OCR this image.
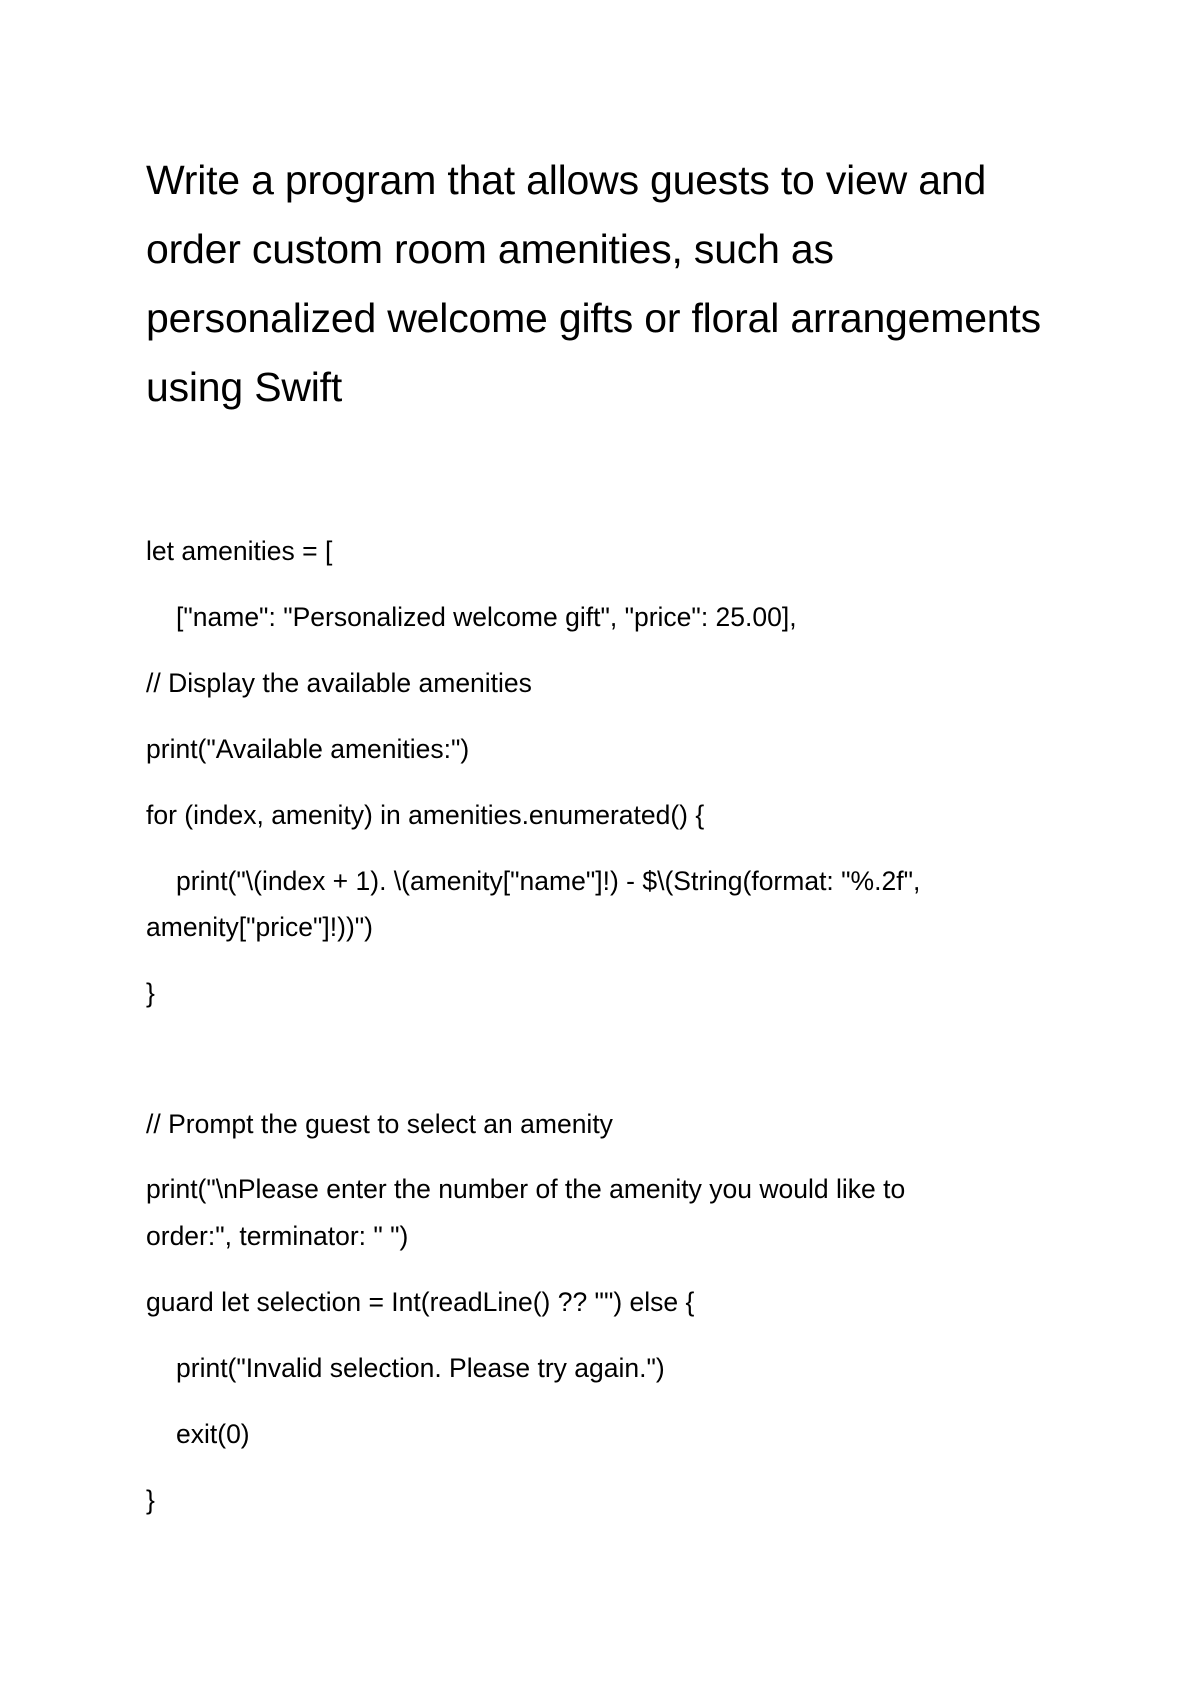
Write a program that allows guests to view and order custom room amenities, such as personalized welcome gifts or floral arrangements using Swift

let amenities = [

["name": "Personalized welcome gift", "price": 25.00],

// Display the available amenities

print("Available amenities:")

for (index, amenity) in amenities.enumerated() {

print("\(index + 1). \(amenity["name"]!) - $\(String(format: "%.2f",

amenity["price"]!))")

}

// Prompt the guest to select an amenity

print("\nPlease enter the number of the amenity you would like to

order:", terminator: " ")

guard let selection = Int(readLine() ?? "") else {

print("Invalid selection. Please try again.")

exit(0)

}
